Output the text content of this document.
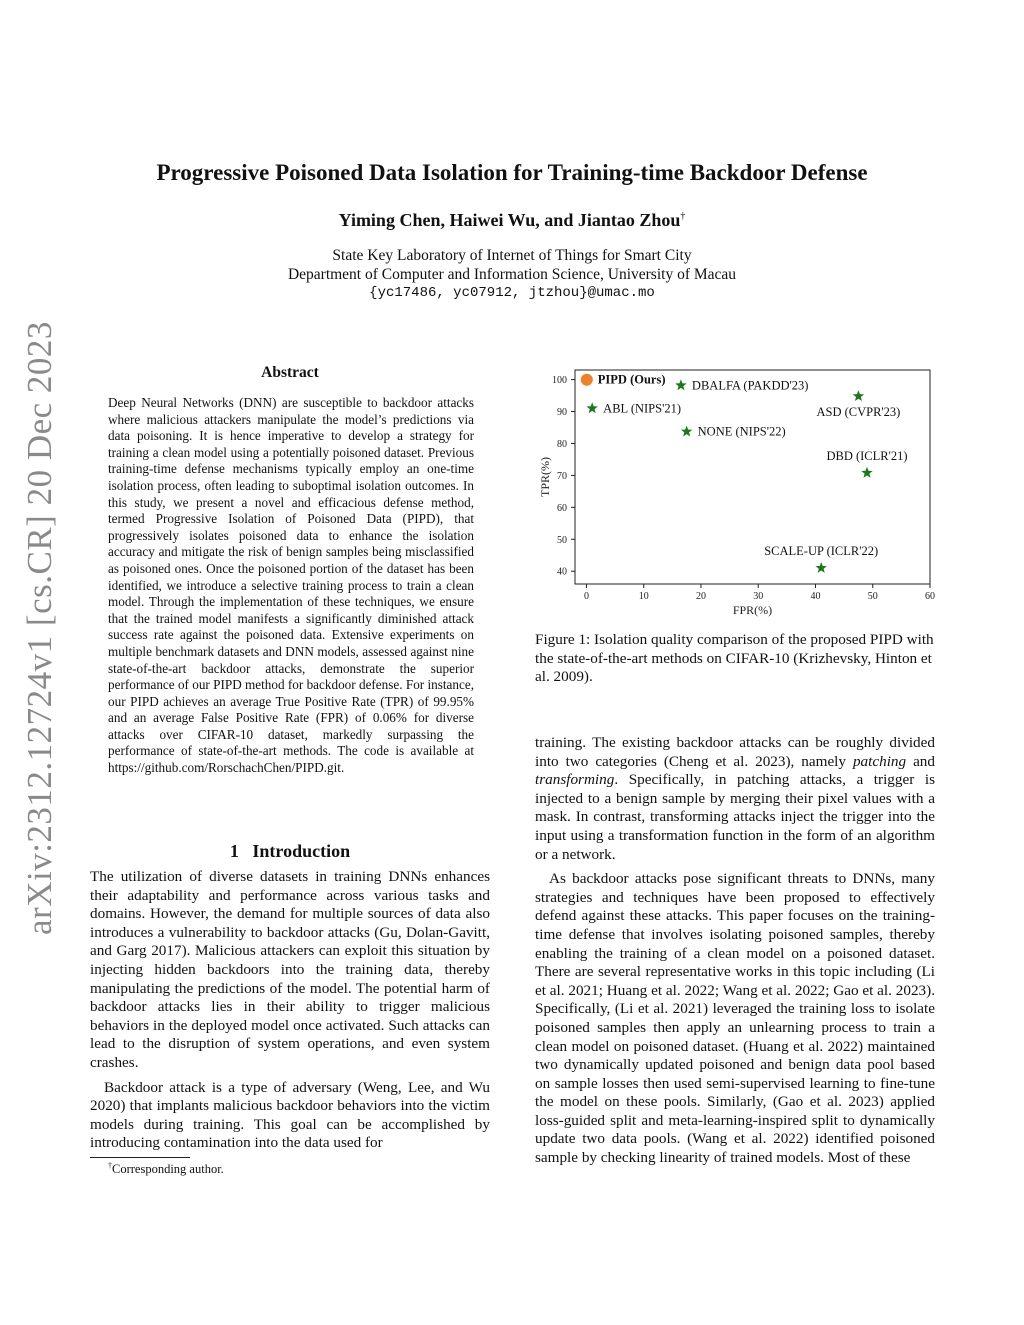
arXiv:2312.12724v1 [cs.CR] 20 Dec 2023
Progressive Poisoned Data Isolation for Training-time Backdoor Defense
Yiming Chen, Haiwei Wu, and Jiantao Zhou†
State Key Laboratory of Internet of Things for Smart City
Department of Computer and Information Science, University of Macau
{yc17486, yc07912, jtzhou}@umac.mo
Abstract
Deep Neural Networks (DNN) are susceptible to backdoor attacks where malicious attackers manipulate the model’s predictions via data poisoning. It is hence imperative to develop a strategy for training a clean model using a potentially poisoned dataset. Previous training-time defense mechanisms typically employ an one-time isolation process, often leading to suboptimal isolation outcomes. In this study, we present a novel and efficacious defense method, termed Progressive Isolation of Poisoned Data (PIPD), that progressively isolates poisoned data to enhance the isolation accuracy and mitigate the risk of benign samples being misclassified as poisoned ones. Once the poisoned portion of the dataset has been identified, we introduce a selective training process to train a clean model. Through the implementation of these techniques, we ensure that the trained model manifests a significantly diminished attack success rate against the poisoned data. Extensive experiments on multiple benchmark datasets and DNN models, assessed against nine state-of-the-art backdoor attacks, demonstrate the superior performance of our PIPD method for backdoor defense. For instance, our PIPD achieves an average True Positive Rate (TPR) of 99.95% and an average False Positive Rate (FPR) of 0.06% for diverse attacks over CIFAR-10 dataset, markedly surpassing the performance of state-of-the-art methods. The code is available at https://github.com/RorschachChen/PIPD.git.
1 Introduction

The utilization of diverse datasets in training DNNs enhances their adaptability and performance across various tasks and domains. However, the demand for multiple sources of data also introduces a vulnerability to backdoor attacks (Gu, Dolan-Gavitt, and Garg 2017). Malicious attackers can exploit this situation by injecting hidden backdoors into the training data, thereby manipulating the predictions of the model. The potential harm of backdoor attacks lies in their ability to trigger malicious behaviors in the deployed model once activated. Such attacks can lead to the disruption of system operations, and even system crashes.

Backdoor attack is a type of adversary (Weng, Lee, and Wu 2020) that implants malicious backdoor behaviors into the victim models during training. This goal can be accomplished by introducing contamination into the data used for

†Corresponding author.
0	10	20	30	40	50	60
40
50
60
70
80
90
100
FPR(%)
TPR(%)
PIPD (Ours)
ABL (NIPS'21)
DBALFA (PAKDD'23)
NONE (NIPS'22)
ASD (CVPR'23)
DBD (ICLR'21)
SCALE-UP (ICLR'22)
Figure 1: Isolation quality comparison of the proposed PIPD with the state-of-the-art methods on CIFAR-10 (Krizhevsky, Hinton et al. 2009).

training. The existing backdoor attacks can be roughly divided into two categories (Cheng et al. 2023), namely patching and transforming. Specifically, in patching attacks, a trigger is injected to a benign sample by merging their pixel values with a mask. In contrast, transforming attacks inject the trigger into the input using a transformation function in the form of an algorithm or a network.

As backdoor attacks pose significant threats to DNNs, many strategies and techniques have been proposed to effectively defend against these attacks. This paper focuses on the training-time defense that involves isolating poisoned samples, thereby enabling the training of a clean model on a poisoned dataset. There are several representative works in this topic including (Li et al. 2021; Huang et al. 2022; Wang et al. 2022; Gao et al. 2023). Specifically, (Li et al. 2021) leveraged the training loss to isolate poisoned samples then apply an unlearning process to train a clean model on poisoned dataset. (Huang et al. 2022) maintained two dynamically updated poisoned and benign data pool based on sample losses then used semi-supervised learning to fine-tune the model on these pools. Similarly, (Gao et al. 2023) applied loss-guided split and meta-learning-inspired split to dynamically update two data pools. (Wang et al. 2022) identified poisoned sample by checking linearity of trained models. Most of these
